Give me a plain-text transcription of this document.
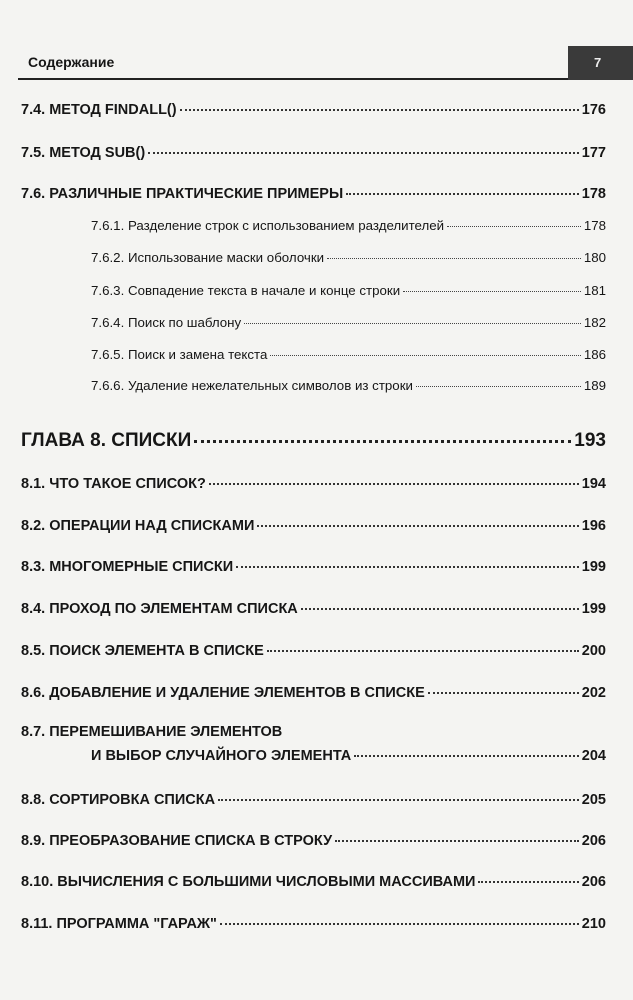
Содержание	7
7.4. МЕТОД FINDALL()	176
7.5. МЕТОД SUB()	177
7.6. РАЗЛИЧНЫЕ ПРАКТИЧЕСКИЕ ПРИМЕРЫ	178
7.6.1. Разделение строк с использованием разделителей	178
7.6.2. Использование маски оболочки	180
7.6.3. Совпадение текста в начале и конце строки	181
7.6.4. Поиск по шаблону	182
7.6.5. Поиск и замена текста	186
7.6.6. Удаление нежелательных символов из строки	189
ГЛАВА 8. СПИСКИ	193
8.1. ЧТО ТАКОЕ СПИСОК?	194
8.2. ОПЕРАЦИИ НАД СПИСКАМИ	196
8.3. МНОГОМЕРНЫЕ СПИСКИ	199
8.4. ПРОХОД ПО ЭЛЕМЕНТАМ СПИСКА	199
8.5. ПОИСК ЭЛЕМЕНТА В СПИСКЕ	200
8.6. ДОБАВЛЕНИЕ И УДАЛЕНИЕ ЭЛЕМЕНТОВ В СПИСКЕ	202
8.7. ПЕРЕМЕШИВАНИЕ ЭЛЕМЕНТОВ
И ВЫБОР СЛУЧАЙНОГО ЭЛЕМЕНТА	204
8.8. СОРТИРОВКА СПИСКА	205
8.9. ПРЕОБРАЗОВАНИЕ СПИСКА В СТРОКУ	206
8.10. ВЫЧИСЛЕНИЯ С БОЛЬШИМИ ЧИСЛОВЫМИ МАССИВАМИ	206
8.11. ПРОГРАММА "ГАРАЖ"	210
